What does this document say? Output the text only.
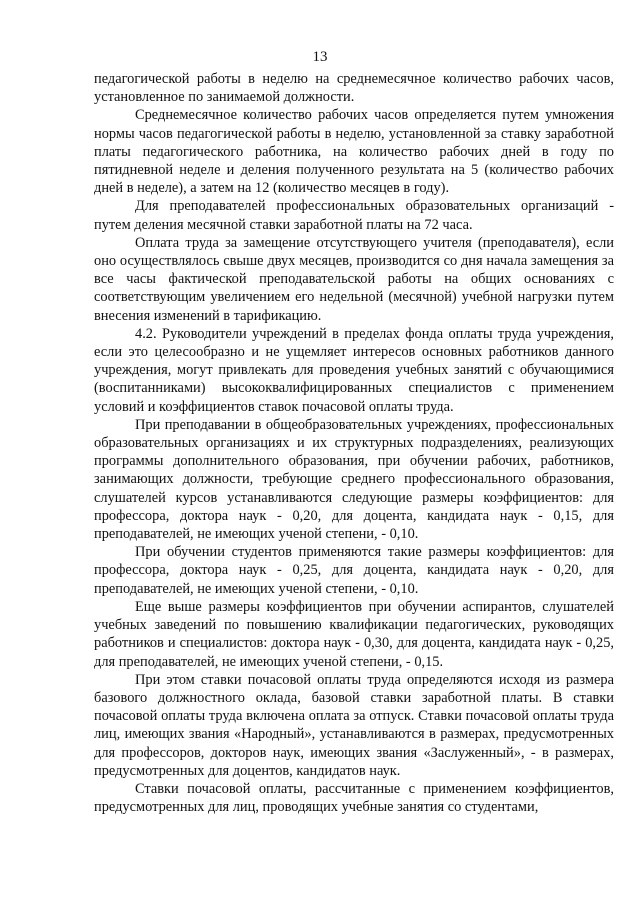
13

педагогической работы в неделю на среднемесячное количество рабочих часов, установленное по занимаемой должности.

Среднемесячное количество рабочих часов определяется путем умножения нормы часов педагогической работы в неделю, установленной за ставку заработной платы педагогического работника, на количество рабочих дней в году по пятидневной неделе и деления полученного результата на 5 (количество рабочих дней в неделе), а затем на 12 (количество месяцев в году).

Для преподавателей профессиональных образовательных организаций - путем деления месячной ставки заработной платы на 72 часа.

Оплата труда за замещение отсутствующего учителя (преподавателя), если оно осуществлялось свыше двух месяцев, производится со дня начала замещения за все часы фактической преподавательской работы на общих основаниях с соответствующим увеличением его недельной (месячной) учебной нагрузки путем внесения изменений в тарификацию.

4.2. Руководители учреждений в пределах фонда оплаты труда учреждения, если это целесообразно и не ущемляет интересов основных работников данного учреждения, могут привлекать для проведения учебных занятий с обучающимися (воспитанниками) высококвалифицированных специалистов с применением условий и коэффициентов ставок почасовой оплаты труда.

При преподавании в общеобразовательных учреждениях, профессиональных образовательных организациях и их структурных подразделениях, реализующих программы дополнительного образования, при обучении рабочих, работников, занимающих должности, требующие среднего профессионального образования, слушателей курсов устанавливаются следующие размеры коэффициентов: для профессора, доктора наук - 0,20, для доцента, кандидата наук - 0,15, для преподавателей, не имеющих ученой степени, - 0,10.

При обучении студентов применяются такие размеры коэффициентов: для профессора, доктора наук - 0,25, для доцента, кандидата наук - 0,20, для преподавателей, не имеющих ученой степени, - 0,10.

Еще выше размеры коэффициентов при обучении аспирантов, слушателей учебных заведений по повышению квалификации педагогических, руководящих работников и специалистов: доктора наук - 0,30, для доцента, кандидата наук - 0,25, для преподавателей, не имеющих ученой степени, - 0,15.

При этом ставки почасовой оплаты труда определяются исходя из размера базового должностного оклада, базовой ставки заработной платы. В ставки почасовой оплаты труда включена оплата за отпуск. Ставки почасовой оплаты труда лиц, имеющих звания «Народный», устанавливаются в размерах, предусмотренных для профессоров, докторов наук, имеющих звания «Заслуженный», - в размерах, предусмотренных для доцентов, кандидатов наук.

Ставки почасовой оплаты, рассчитанные с применением коэффициентов, предусмотренных для лиц, проводящих учебные занятия со студентами,
